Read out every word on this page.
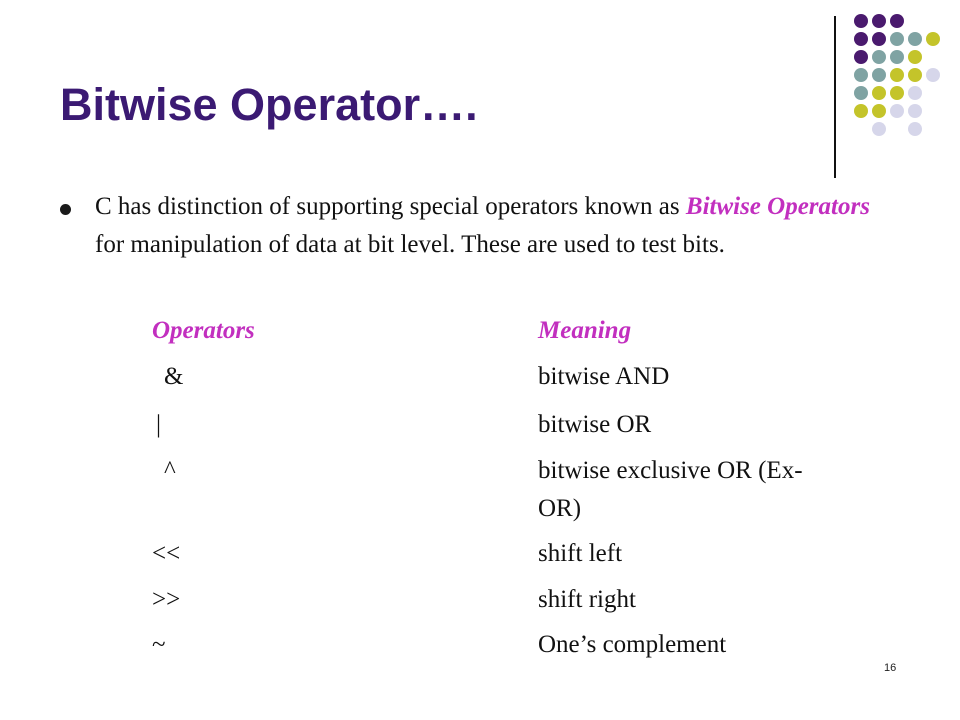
Bitwise Operator….

C has distinction of supporting special operators known as Bitwise Operators for manipulation of data at bit level. These are used to test bits.

Operators	Meaning
&	bitwise AND
|	bitwise OR
^	bitwise exclusive OR (Ex-OR)
<<	shift left
>>	shift right
~	One’s complement
16
